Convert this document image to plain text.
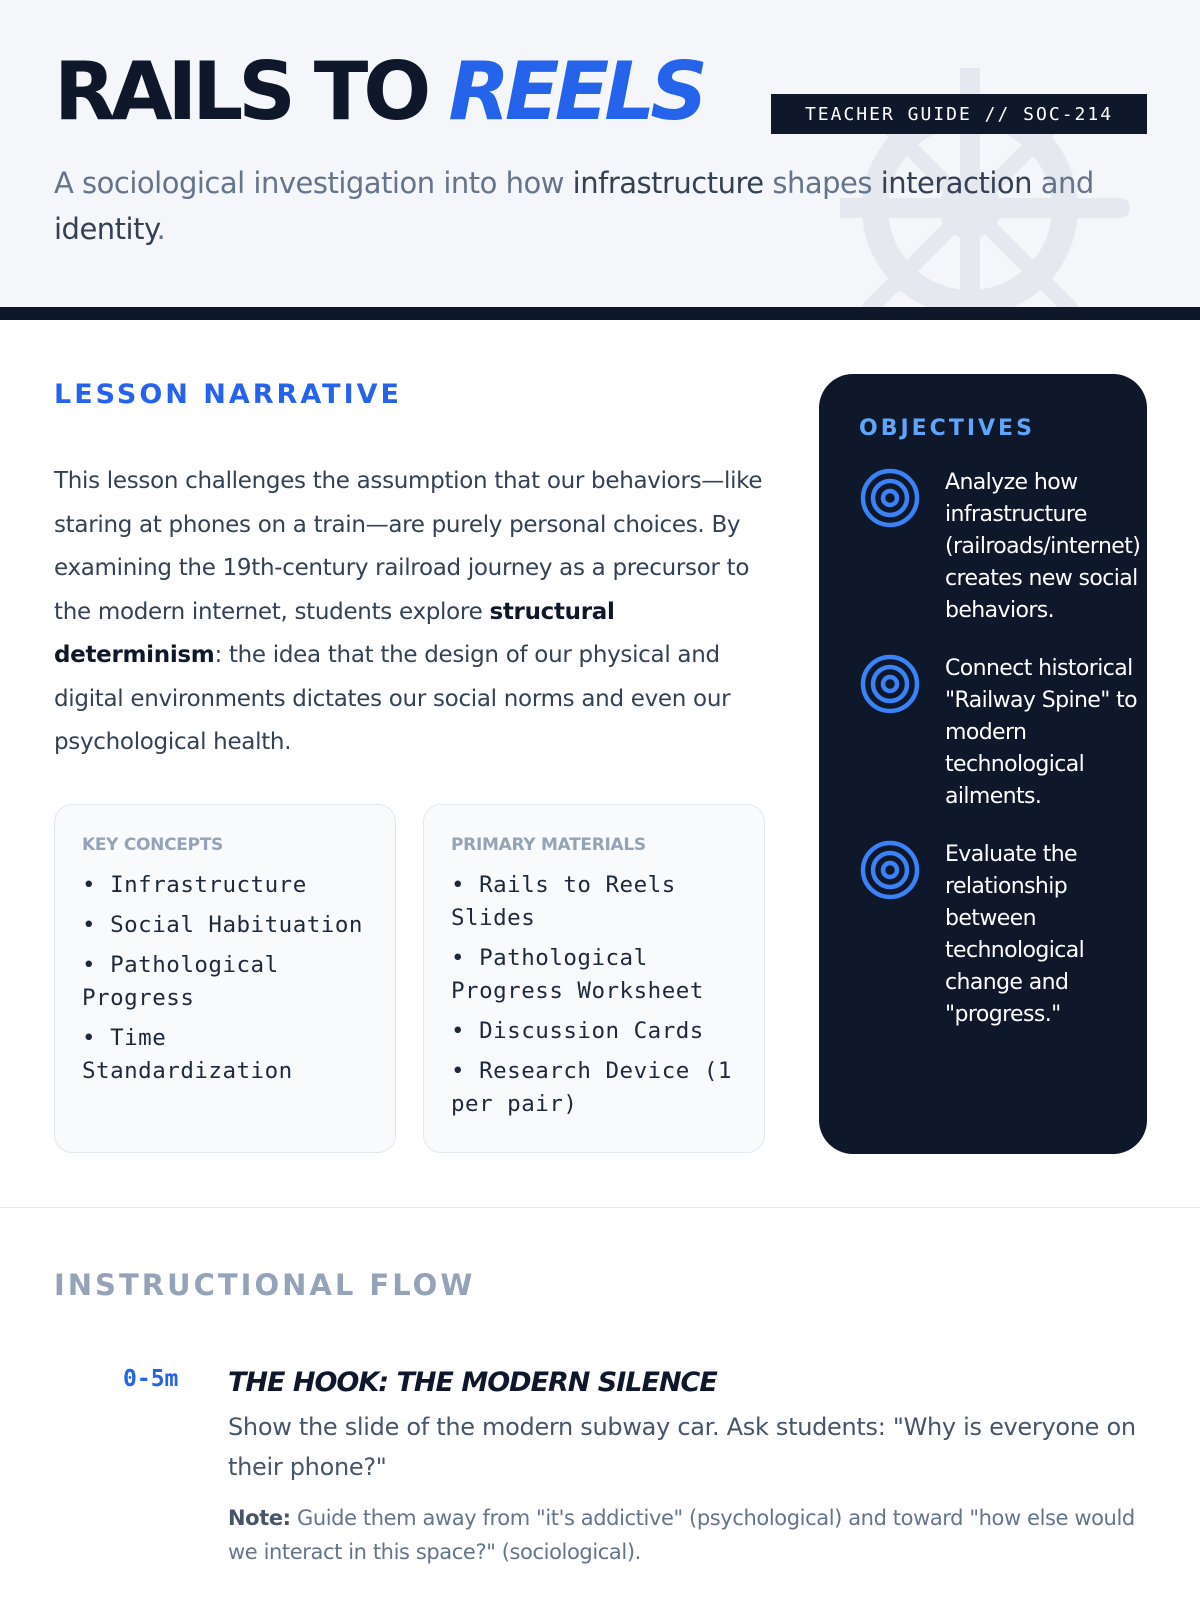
RAILS TO REELS	TEACHER GUIDE // SOC-214
A sociological investigation into how infrastructure shapes interaction and identity.
LESSON NARRATIVE
This lesson challenges the assumption that our behaviors—like staring at phones on a train—are purely personal choices. By examining the 19th-century railroad journey as a precursor to the modern internet, students explore structural determinism: the idea that the design of our physical and digital environments dictates our social norms and even our psychological health.
KEY CONCEPTS
• Infrastructure
• Social Habituation
• Pathological Progress
• Time Standardization
PRIMARY MATERIALS
• Rails to Reels Slides
• Pathological Progress Worksheet
• Discussion Cards
• Research Device (1 per pair)
OBJECTIVES
Analyze how infrastructure (railroads/internet) creates new social behaviors.
Connect historical "Railway Spine" to modern technological ailments.
Evaluate the relationship between technological change and "progress."
INSTRUCTIONAL FLOW
0-5m THE HOOK: THE MODERN SILENCE
Show the slide of the modern subway car. Ask students: "Why is everyone on their phone?"
Note: Guide them away from "it's addictive" (psychological) and toward "how else would we interact in this space?" (sociological).
